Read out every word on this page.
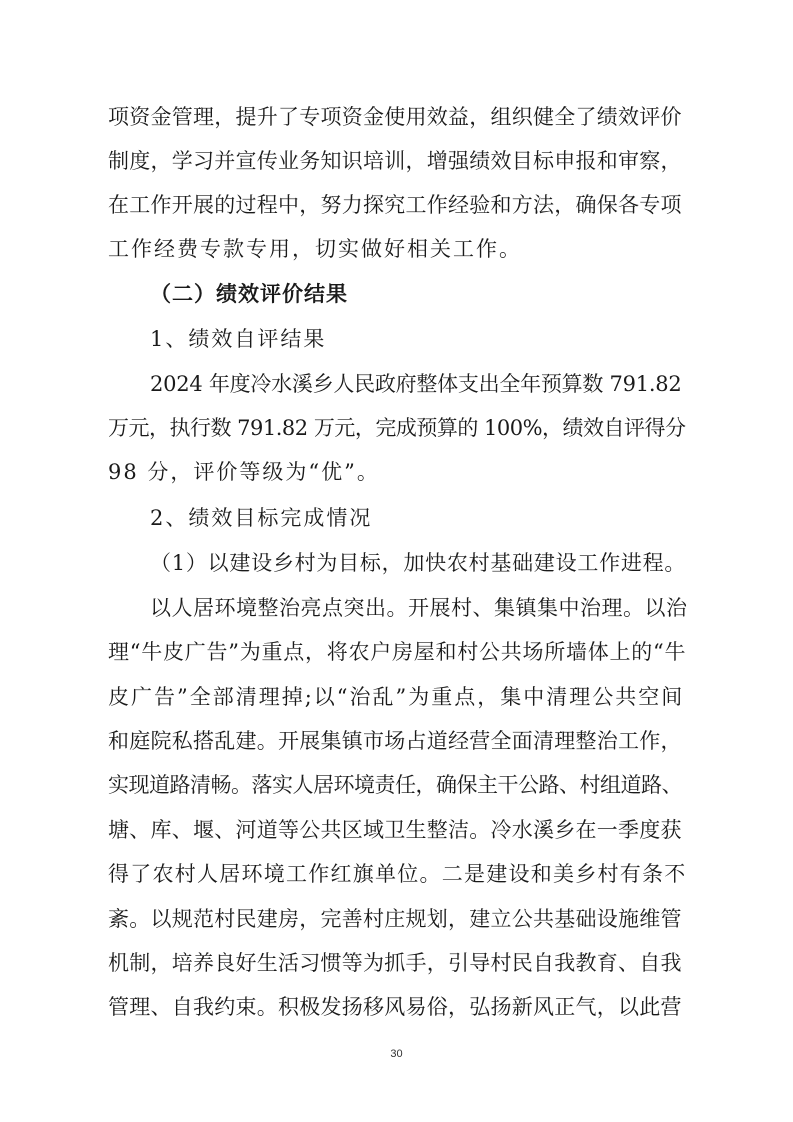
项资金管理，提升了专项资金使用效益，组织健全了绩效评价
制度，学习并宣传业务知识培训，增强绩效目标申报和审察，
在工作开展的过程中，努力探究工作经验和方法，确保各专项
工作经费专款专用，切实做好相关工作。
（二）绩效评价结果
1、绩效自评结果
2024 年度冷水溪乡人民政府整体支出全年预算数 791.82
万元，执行数 791.82 万元，完成预算的 100%，绩效自评得分
98 分，评价等级为“优”。
2、绩效目标完成情况
（1）以建设乡村为目标，加快农村基础建设工作进程。
以人居环境整治亮点突出。开展村、集镇集中治理。以治
理“牛皮广告”为重点，将农户房屋和村公共场所墙体上的“牛
皮广告”全部清理掉;以“治乱”为重点，集中清理公共空间
和庭院私搭乱建。开展集镇市场占道经营全面清理整治工作，
实现道路清畅。落实人居环境责任，确保主干公路、村组道路、
塘、库、堰、河道等公共区域卫生整洁。冷水溪乡在一季度获
得了农村人居环境工作红旗单位。二是建设和美乡村有条不
紊。以规范村民建房，完善村庄规划，建立公共基础设施维管
机制，培养良好生活习惯等为抓手，引导村民自我教育、自我
管理、自我约束。积极发扬移风易俗，弘扬新风正气，以此营
30
